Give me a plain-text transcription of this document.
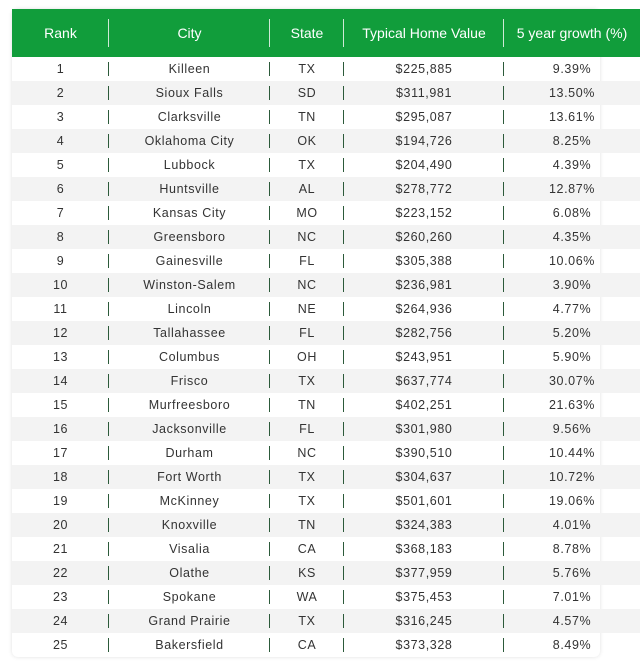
Rank	City	State	Typical Home Value	5 year growth (%)
1	Killeen	TX	$225,885	9.39%
2	Sioux Falls	SD	$311,981	13.50%
3	Clarksville	TN	$295,087	13.61%
4	Oklahoma City	OK	$194,726	8.25%
5	Lubbock	TX	$204,490	4.39%
6	Huntsville	AL	$278,772	12.87%
7	Kansas City	MO	$223,152	6.08%
8	Greensboro	NC	$260,260	4.35%
9	Gainesville	FL	$305,388	10.06%
10	Winston-Salem	NC	$236,981	3.90%
11	Lincoln	NE	$264,936	4.77%
12	Tallahassee	FL	$282,756	5.20%
13	Columbus	OH	$243,951	5.90%
14	Frisco	TX	$637,774	30.07%
15	Murfreesboro	TN	$402,251	21.63%
16	Jacksonville	FL	$301,980	9.56%
17	Durham	NC	$390,510	10.44%
18	Fort Worth	TX	$304,637	10.72%
19	McKinney	TX	$501,601	19.06%
20	Knoxville	TN	$324,383	4.01%
21	Visalia	CA	$368,183	8.78%
22	Olathe	KS	$377,959	5.76%
23	Spokane	WA	$375,453	7.01%
24	Grand Prairie	TX	$316,245	4.57%
25	Bakersfield	CA	$373,328	8.49%
